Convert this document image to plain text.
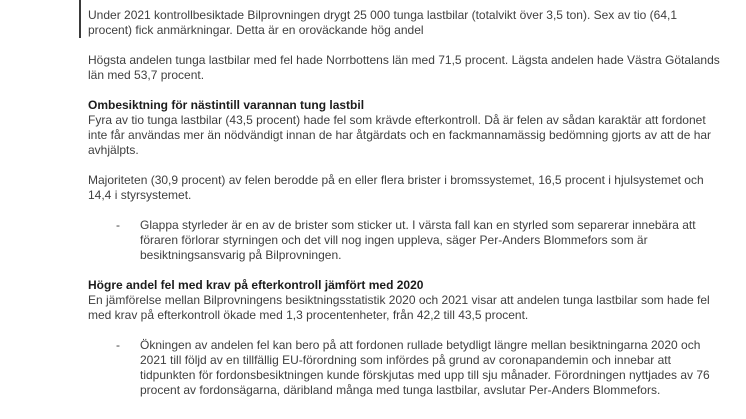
Under 2021 kontrollbesiktade Bilprovningen drygt 25 000 tunga lastbilar (totalvikt över 3,5 ton). Sex av tio (64,1 procent) fick anmärkningar. Detta är en oroväckande hög andel

Högsta andelen tunga lastbilar med fel hade Norrbottens län med 71,5 procent. Lägsta andelen hade Västra Götalands län med 53,7 procent.

Ombesiktning för nästintill varannan tung lastbil

Fyra av tio tunga lastbilar (43,5 procent) hade fel som krävde efterkontroll. Då är felen av sådan karaktär att fordonet inte får användas mer än nödvändigt innan de har åtgärdats och en fackmannamässig bedömning gjorts av att de har avhjälpts.

Majoriteten (30,9 procent) av felen berodde på en eller flera brister i bromssystemet, 16,5 procent i hjulsystemet och 14,4 i styrsystemet.

-	Glappa styrleder är en av de brister som sticker ut. I värsta fall kan en styrled som separerar innebära att föraren förlorar styrningen och det vill nog ingen uppleva, säger Per-Anders Blommefors som är besiktningsansvarig på Bilprovningen.
Högre andel fel med krav på efterkontroll jämfört med 2020

En jämförelse mellan Bilprovningens besiktningsstatistik 2020 och 2021 visar att andelen tunga lastbilar som hade fel med krav på efterkontroll ökade med 1,3 procentenheter, från 42,2 till 43,5 procent.

-	Ökningen av andelen fel kan bero på att fordonen rullade betydligt längre mellan besiktningarna 2020 och 2021 till följd av en tillfällig EU-förordning som infördes på grund av coronapandemin och innebar att tidpunkten för fordonsbesiktningen kunde förskjutas med upp till sju månader. Förordningen nyttjades av 76 procent av fordonsägarna, däribland många med tunga lastbilar, avslutar Per-Anders Blommefors.
